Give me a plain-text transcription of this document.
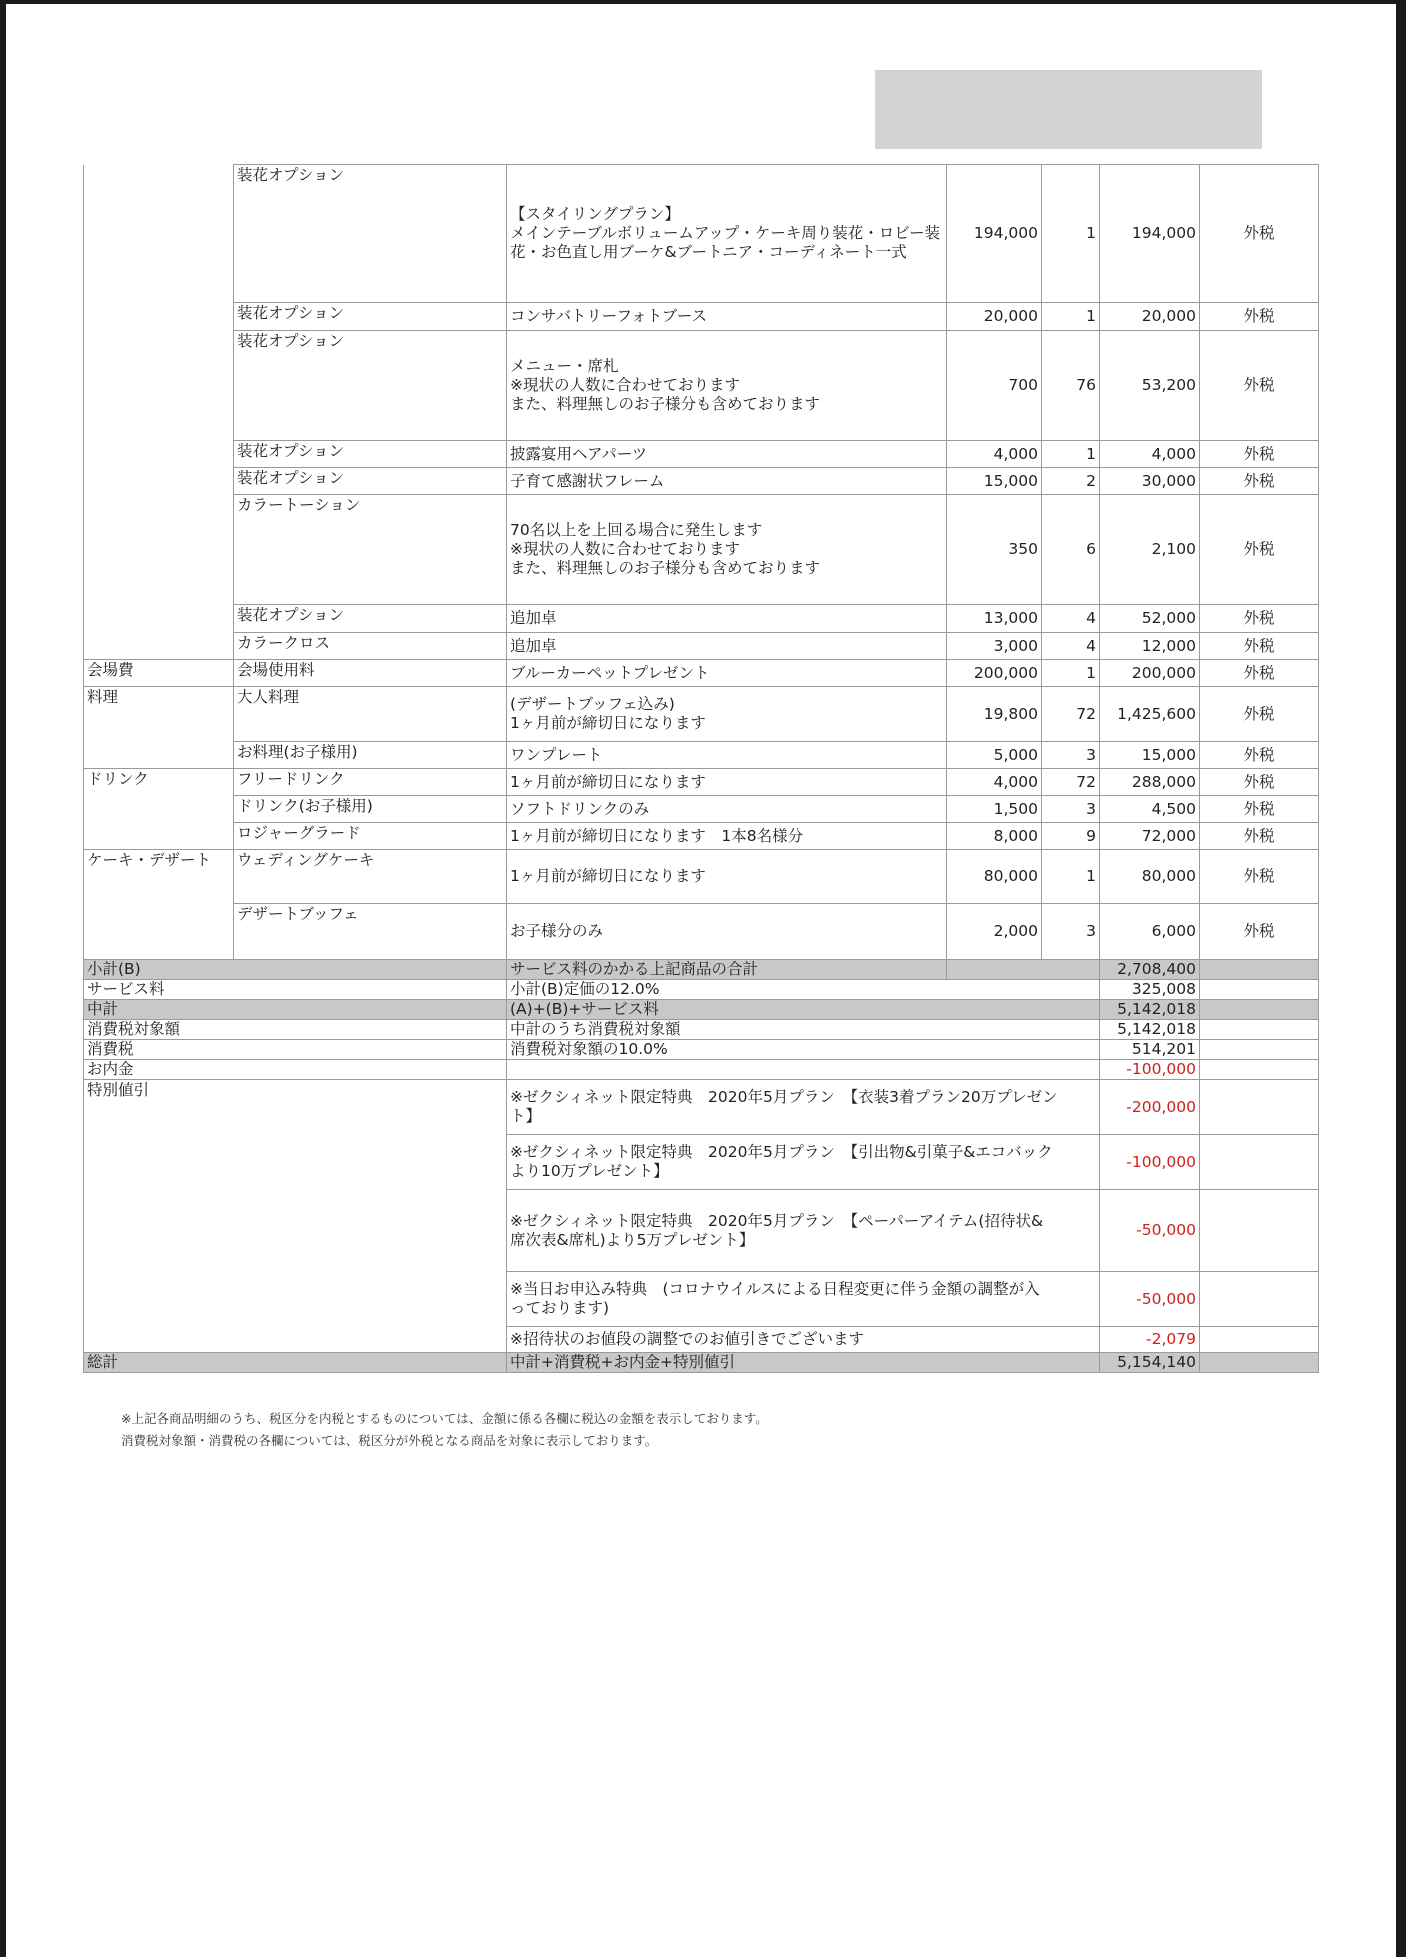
	装花オプション	【スタイリングプラン】
メインテーブルボリュームアップ・ケーキ周り装花・ロビー装
花・お色直し用ブーケ&ブートニア・コーディネート一式	194,000	1	194,000	外税
	装花オプション	コンサバトリーフォトブース	20,000	1	20,000	外税
	装花オプション	メニュー・席札
※現状の人数に合わせております
また、料理無しのお子様分も含めております	700	76	53,200	外税
	装花オプション	披露宴用ヘアパーツ	4,000	1	4,000	外税
	装花オプション	子育て感謝状フレーム	15,000	2	30,000	外税
	カラートーション	70名以上を上回る場合に発生します
※現状の人数に合わせております
また、料理無しのお子様分も含めております	350	6	2,100	外税
	装花オプション	追加卓	13,000	4	52,000	外税
	カラークロス	追加卓	3,000	4	12,000	外税
会場費	会場使用料	ブルーカーペットプレゼント	200,000	1	200,000	外税
料理	大人料理	(デザートブッフェ込み)
1ヶ月前が締切日になります	19,800	72	1,425,600	外税
	お料理(お子様用)	ワンプレート	5,000	3	15,000	外税
ドリンク	フリードリンク	1ヶ月前が締切日になります	4,000	72	288,000	外税
	ドリンク(お子様用)	ソフトドリンクのみ	1,500	3	4,500	外税
	ロジャーグラード	1ヶ月前が締切日になります　1本8名様分	8,000	9	72,000	外税
ケーキ・デザート	ウェディングケーキ	1ヶ月前が締切日になります	80,000	1	80,000	外税
	デザートブッフェ	お子様分のみ	2,000	3	6,000	外税
小計(B)		サービス料のかかる上記商品の合計			2,708,400	
サービス料		小計(B)定価の12.0%			325,008	
中計		(A)+(B)+サービス料			5,142,018	
消費税対象額		中計のうち消費税対象額			5,142,018	
消費税		消費税対象額の10.0%			514,201	
お内金					-100,000	
特別値引		※ゼクシィネット限定特典　2020年5月プラン　【衣装3着プラン20万プレゼン
ト】			-200,000	

		※ゼクシィネット限定特典　2020年5月プラン　【引出物&引菓子&エコバック
より10万プレゼント】			-100,000	

		※ゼクシィネット限定特典　2020年5月プラン　【ペーパーアイテム(招待状&
席次表&席札)より5万プレゼント】			-50,000	

		※当日お申込み特典　(コロナウイルスによる日程変更に伴う金額の調整が入
っております)			-50,000	

		※招待状のお値段の調整でのお値引きでございます			-2,079	
総計		中計+消費税+お内金+特別値引			5,154,140	
※上記各商品明細のうち、税区分を内税とするものについては、金額に係る各欄に税込の金額を表示しております。
消費税対象額・消費税の各欄については、税区分が外税となる商品を対象に表示しております。
